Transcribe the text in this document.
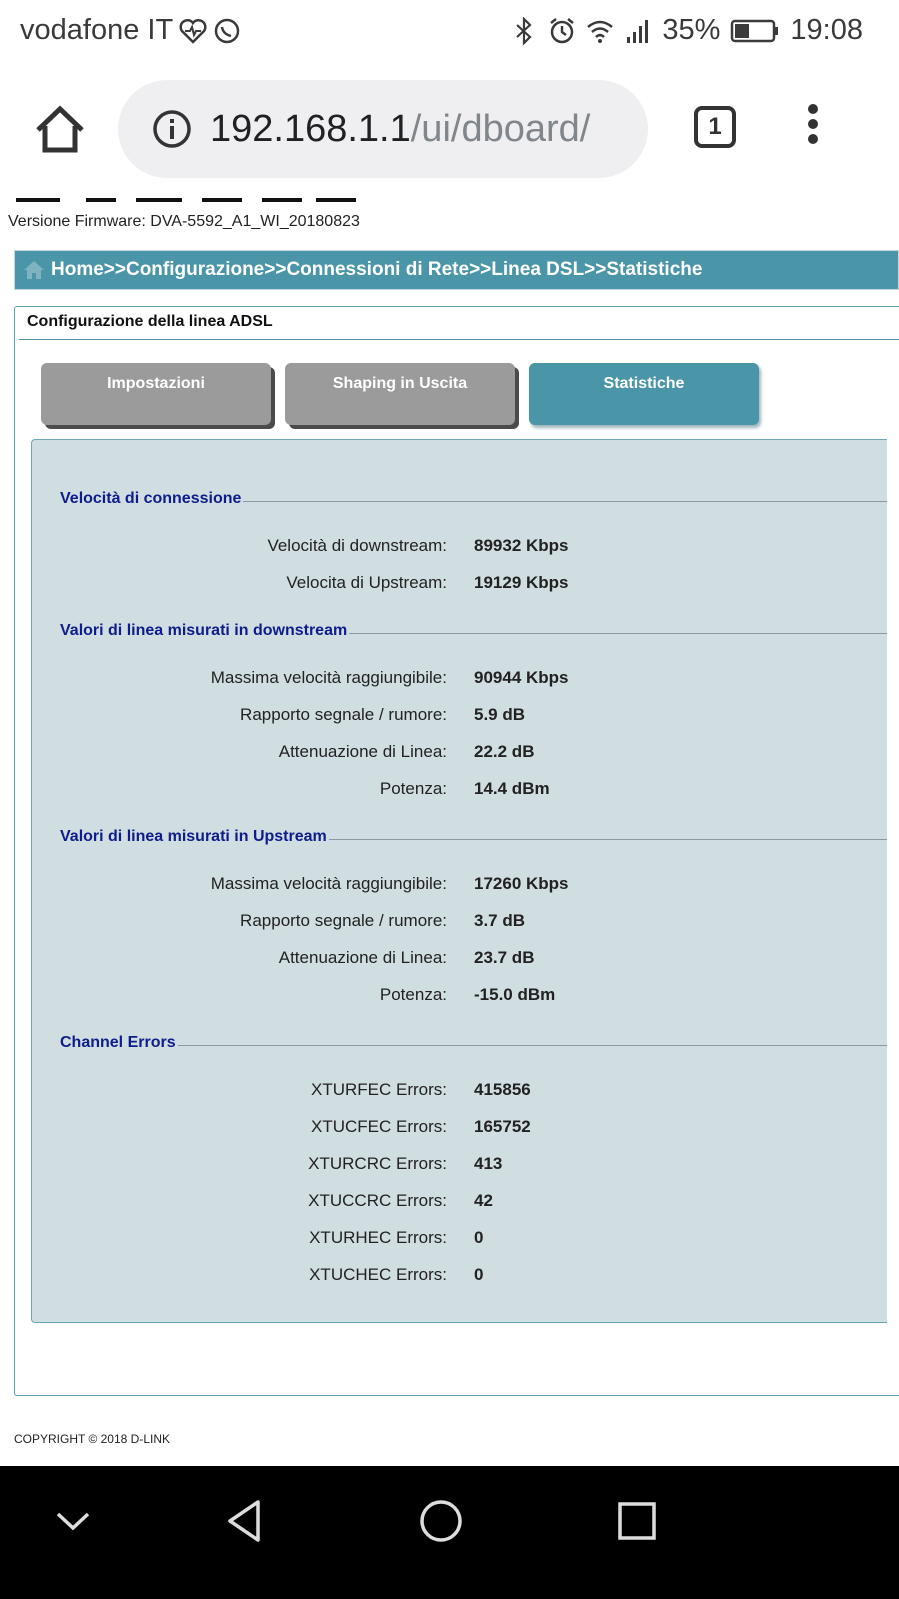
vodafone IT	35% 19:08
192.168.1.1/ui/dboard/	1
Versione Firmware: DVA-5592_A1_WI_20180823
Home>>Configurazione>>Connessioni di Rete>>Linea DSL>>Statistiche
Configurazione della linea ADSL
Impostazioni	Shaping in Uscita	Statistiche
Velocità di connessione
Velocità di downstream: 89932 Kbps
Velocita di Upstream: 19129 Kbps
Valori di linea misurati in downstream
Massima velocità raggiungibile: 90944 Kbps
Rapporto segnale / rumore: 5.9 dB
Attenuazione di Linea: 22.2 dB
Potenza: 14.4 dBm
Valori di linea misurati in Upstream
Massima velocità raggiungibile: 17260 Kbps
Rapporto segnale / rumore: 3.7 dB
Attenuazione di Linea: 23.7 dB
Potenza: -15.0 dBm
Channel Errors
XTURFEC Errors: 415856
XTUCFEC Errors: 165752
XTURCRC Errors: 413
XTUCCRC Errors: 42
XTURHEC Errors: 0
XTUCHEC Errors: 0
COPYRIGHT © 2018 D-LINK
